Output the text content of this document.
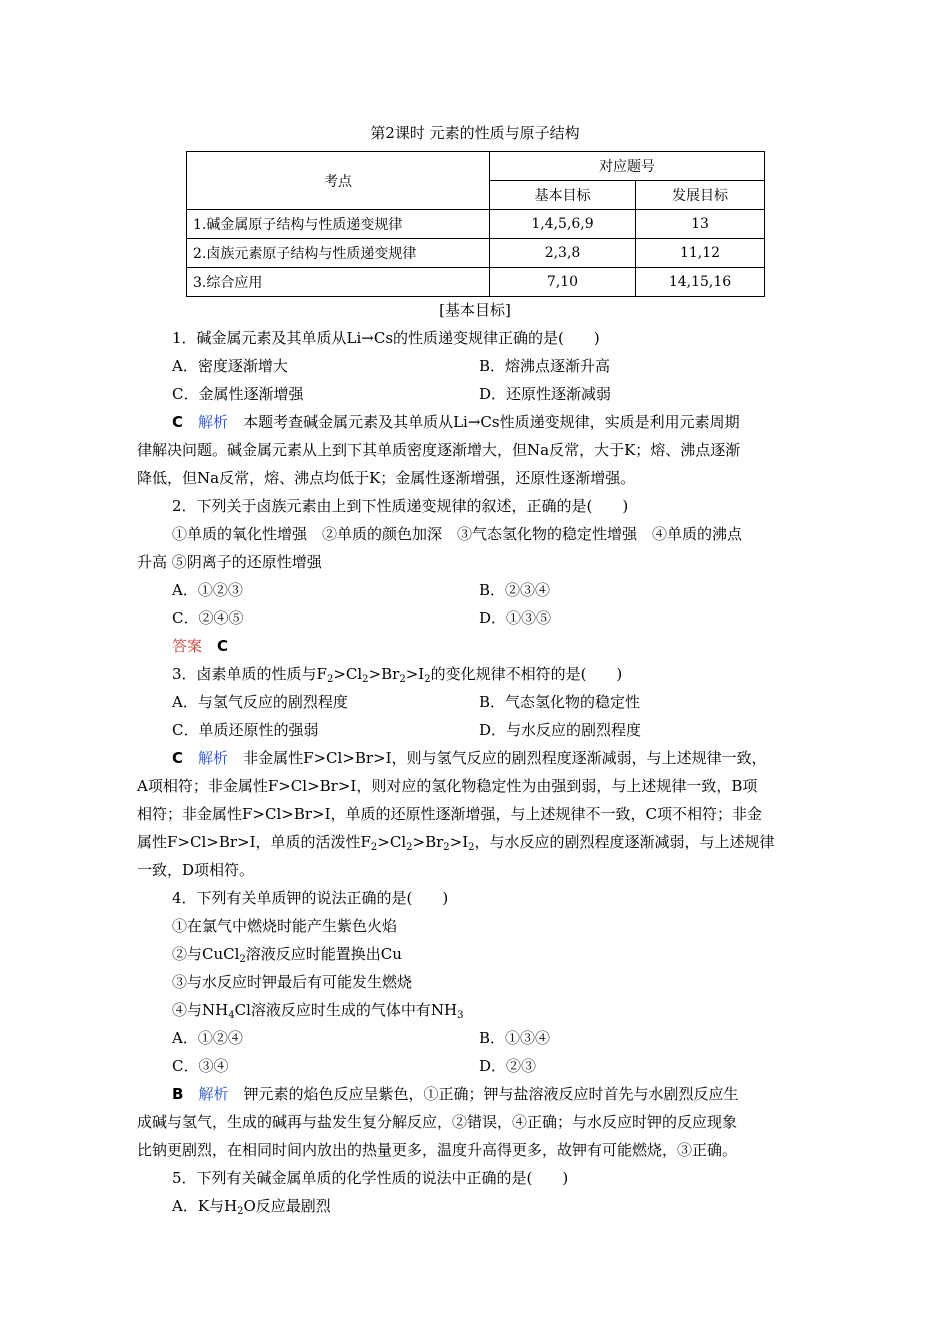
第2课时 元素的性质与原子结构
考点	对应题号	
	基本目标	发展目标
1.碱金属原子结构与性质递变规律	1,4,5,6,9	13
2.卤族元素原子结构与性质递变规律	2,3,8	11,12
3.综合应用	7,10	14,15,16
[基本目标]
1．碱金属元素及其单质从Li→Cs的性质递变规律正确的是(　　)
A．密度逐渐增大	B．熔沸点逐渐升高
C．金属性逐渐增强	D．还原性逐渐减弱
C　 解析　 本题考查碱金属元素及其单质从Li→Cs性质递变规律，实质是利用元素周期
律解决问题。碱金属元素从上到下其单质密度逐渐增大，但Na反常，大于K；熔、沸点逐渐
降低，但Na反常，熔、沸点均低于K；金属性逐渐增强，还原性逐渐增强。
2．下列关于卤族元素由上到下性质递变规律的叙述，正确的是(　　)
①单质的氧化性增强　②单质的颜色加深　③气态氢化物的稳定性增强　④单质的沸点
升高 ⑤阴离子的还原性增强
A．①②③	B．②③④
C．②④⑤	D．①③⑤
答案　 C
3．卤素单质的性质与$F_2>Cl_2>Br_2>I_2$的变化规律不相符的是(　　)
A．与氢气反应的剧烈程度	B．气态氢化物的稳定性
C．单质还原性的强弱	D．与水反应的剧烈程度
C　 解析　 非金属性F>Cl>Br>I，则与氢气反应的剧烈程度逐渐减弱，与上述规律一致，
A项相符；非金属性F>Cl>Br>I，则对应的氢化物稳定性为由强到弱，与上述规律一致，B项
相符；非金属性F>Cl>Br>I，单质的还原性逐渐增强，与上述规律不一致，C项不相符；非金
属性F>Cl>Br>I，单质的活泼性$F_2>Cl_2>Br_2>I_2$，与水反应的剧烈程度逐渐减弱，与上述规律
一致，D项相符。
4．下列有关单质钾的说法正确的是(　　)
①在氯气中燃烧时能产生紫色火焰
②与CuCl$_2$溶液反应时能置换出Cu
③与水反应时钾最后有可能发生燃烧
④与$NH_4Cl$溶液反应时生成的气体中有$NH_3$
A．①②④	B．①③④
C．③④	D．②③
B　 解析　 钾元素的焰色反应呈紫色，①正确；钾与盐溶液反应时首先与水剧烈反应生
成碱与氢气，生成的碱再与盐发生复分解反应，②错误，④正确；与水反应时钾的反应现象
比钠更剧烈，在相同时间内放出的热量更多，温度升高得更多，故钾有可能燃烧，③正确。
5．下列有关碱金属单质的化学性质的说法中正确的是(　　)
A．K与$H_2O$反应最剧烈
